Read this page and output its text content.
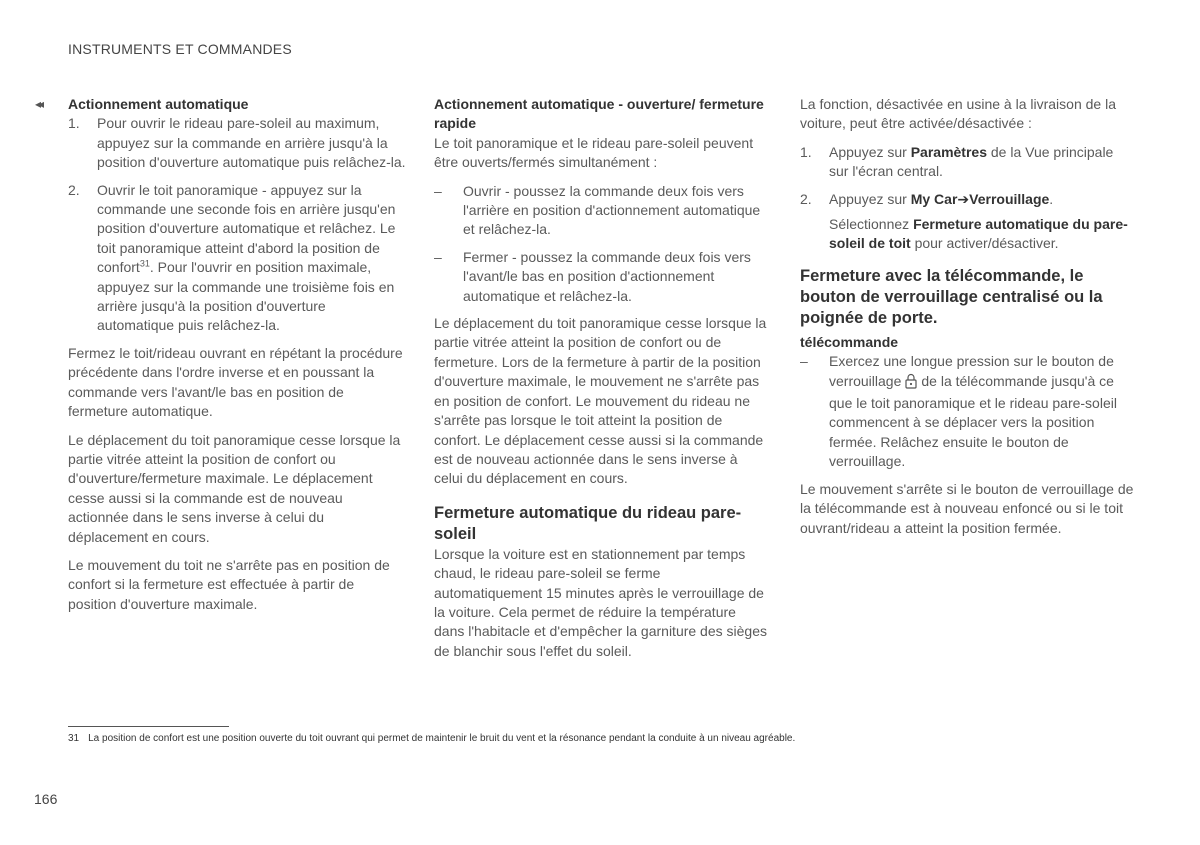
INSTRUMENTS ET COMMANDES
◂◂ Actionnement automatique
1.	Pour ouvrir le rideau pare-soleil au maximum, appuyez sur la commande en arrière jusqu'à la position d'ouverture automatique puis relâchez-la.
2.	Ouvrir le toit panoramique - appuyez sur la commande une seconde fois en arrière jusqu'en position d'ouverture automatique et relâchez. Le toit panoramique atteint d'abord la position de confort$^{31}$. Pour l'ouvrir en position maximale, appuyez sur la commande une troisième fois en arrière jusqu'à la position d'ouverture automatique puis relâchez-la.

Fermez le toit/rideau ouvrant en répétant la procédure précédente dans l'ordre inverse et en poussant la commande vers l'avant/le bas en position de fermeture automatique.

Le déplacement du toit panoramique cesse lorsque la partie vitrée atteint la position de confort ou d'ouverture/fermeture maximale. Le déplacement cesse aussi si la commande est de nouveau actionnée dans le sens inverse à celui du déplacement en cours.

Le mouvement du toit ne s'arrête pas en position de confort si la fermeture est effectuée à partir de position d'ouverture maximale.

Actionnement automatique - ouverture/ fermeture rapide

Le toit panoramique et le rideau pare-soleil peuvent être ouverts/fermés simultanément :

–	Ouvrir - poussez la commande deux fois vers l'arrière en position d'actionnement automatique et relâchez-la.
–	Fermer - poussez la commande deux fois vers l'avant/le bas en position d'actionnement automatique et relâchez-la.

Le déplacement du toit panoramique cesse lorsque la partie vitrée atteint la position de confort ou de fermeture. Lors de la fermeture à partir de la position d'ouverture maximale, le mouvement ne s'arrête pas en position de confort. Le mouvement du rideau ne s'arrête pas lorsque le toit atteint la position de confort. Le déplacement cesse aussi si la commande est de nouveau actionnée dans le sens inverse à celui du déplacement en cours.

Fermeture automatique du rideau pare-soleil

Lorsque la voiture est en stationnement par temps chaud, le rideau pare-soleil se ferme automatiquement 15 minutes après le verrouillage de la voiture. Cela permet de réduire la température dans l'habitacle et d'empêcher la garniture des sièges de blanchir sous l'effet du soleil.

La fonction, désactivée en usine à la livraison de la voiture, peut être activée/désactivée :

1.	Appuyez sur Paramètres de la Vue principale sur l'écran central.
2.	Appuyez sur My Car➔Verrouillage.

Sélectionnez Fermeture automatique du pare-soleil de toit pour activer/désactiver.

Fermeture avec la télécommande, le bouton de verrouillage centralisé ou la poignée de porte.
télécommande
–	Exercez une longue pression sur le bouton de verrouillage de la télécommande jusqu'à ce que le toit panoramique et le rideau pare-soleil commencent à se déplacer vers la position fermée. Relâchez ensuite le bouton de verrouillage.

Le mouvement s'arrête si le bouton de verrouillage de la télécommande est à nouveau enfoncé ou si le toit ouvrant/rideau a atteint la position fermée.

31 La position de confort est une position ouverte du toit ouvrant qui permet de maintenir le bruit du vent et la résonance pendant la conduite à un niveau agréable.
166
